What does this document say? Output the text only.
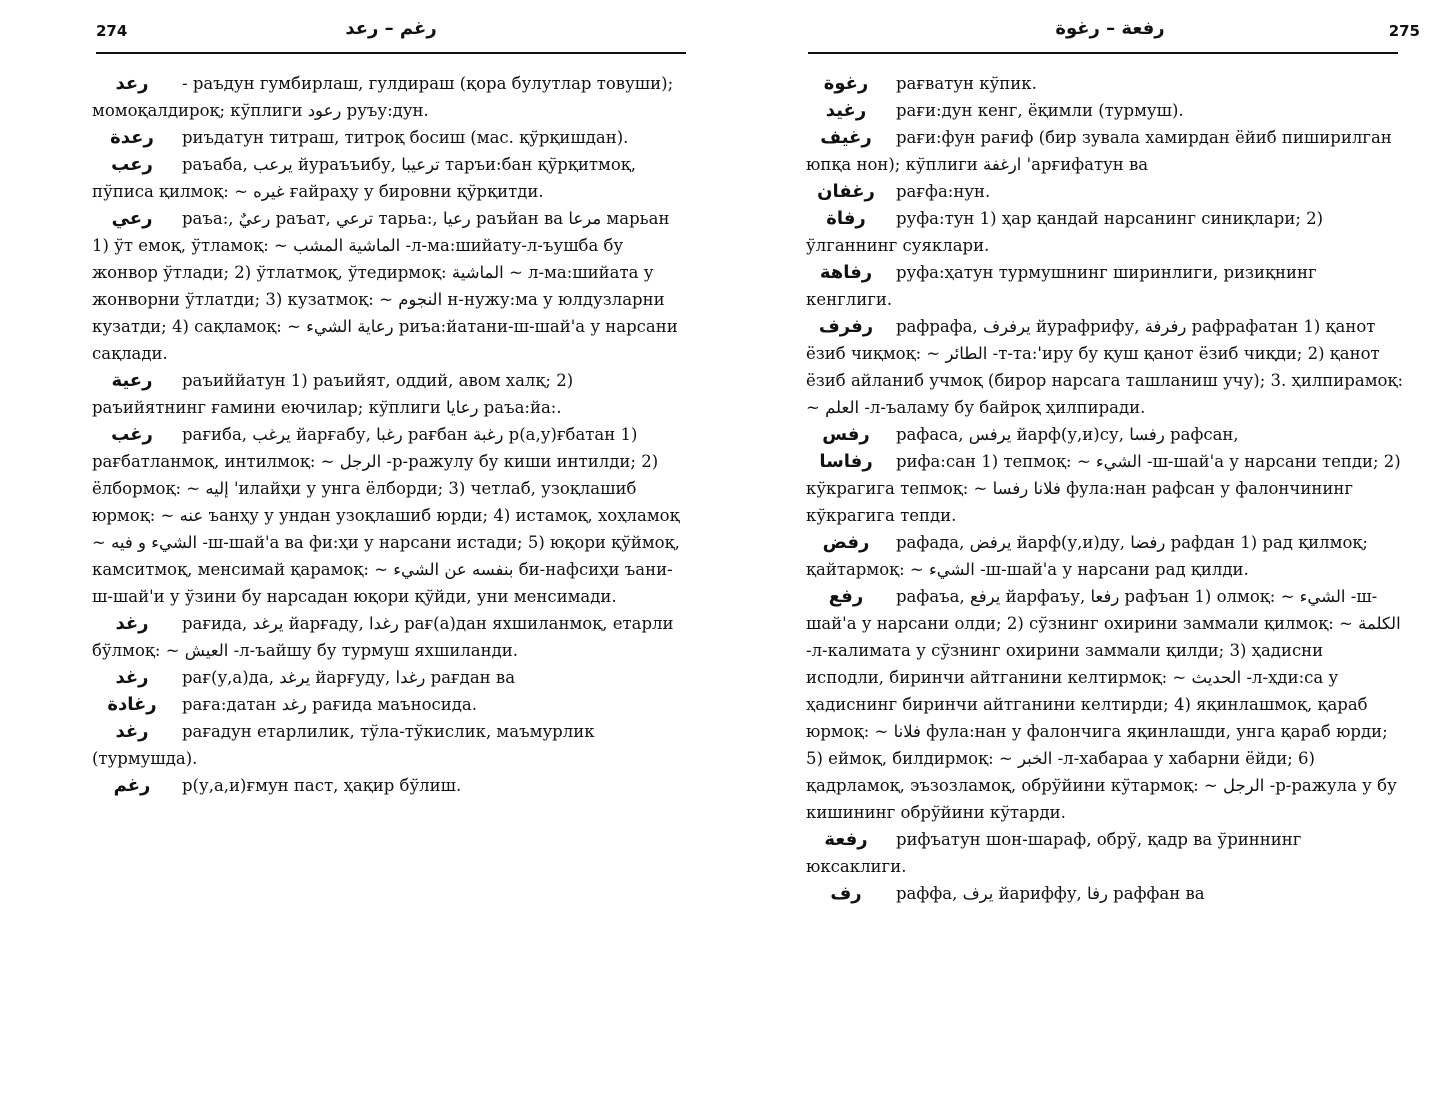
274	رغم – رعد
رعد - раъдун гумбирлаш, гулдираш (қора булутлар товуши); момоқалдироқ; кўплиги رعود руъу:дун.
رعدة риъдатун титраш, титроқ босиш (мас. қўрқишдан).
رعب раъаба, يرعب йураъъибу, ترعيبا таръи:бан қўрқитмоқ, пўписа қилмоқ: ~ غيره ғайраҳу у бировни қўрқитди.
رعي раъа:, رعيٌ раъат, ترعي тарьа:, رعيا раъйан ва مرعا марьан 1) ўт емоқ, ўтламоқ: ~ الماشية المشب -л-ма:шийату-л-ъушба бу жонвор ўтлади; 2) ўтлатмоқ, ўтедирмоқ: الماشية ~ л-ма:шийата у жонворни ўтлатди; 3) кузатмоқ: ~ النجوم н-нужу:ма у юлдузларни кузатди; 4) сақламоқ: ~ رعاية الشيء риъа:йатани-ш-шай'а у нарсани сақлади.
رعية раъиййатун 1) раъийят, оддий, авом халқ; 2) раъийятнинг ғамини еючилар; кўплиги رعايا раъа:йа:.
رغب рағиба, يرغب йарғабу, رغبا рағбан رغبة р(а,у)ғбатан 1) рағбатланмоқ, интилмоқ: ~ الرجل -р-ражулу бу киши интилди; 2) ёлбормоқ: ~ إليه 'илайҳи у унга ёлборди; 3) четлаб, узоқлашиб юрмоқ: ~ عنه ъанҳу у ундан узоқлашиб юрди; 4) истамоқ, хоҳламоқ ~ الشيء و فيه -ш-шай'а ва фи:ҳи у нарсани истади; 5) юқори қўймоқ, камситмоқ, менсимай қарамоқ: ~ بنفسه عن الشيء би-нафсиҳи ъани-ш-шай'и у ўзини бу нарсадан юқори қўйди, уни менсимади.
رغد рағида, يرغد йарғаду, رغدا рағ(а)дан яхшиланмоқ, етарли бўлмоқ: ~ العيش -л-ъайшу бу турмуш яхшиланди.
رغد рағ(у,а)да, يرغد йарғуду, رغدا рағдан ва
رغادة рағa:датан رغد рағида маъносида.
رغد рағадун етарлилик, тўла-тўкислик, маъмурлик (турмушда).
رغم р(у,а,и)ғмун паст, ҳақир бўлиш.
رفعة – رغوة	275
رغوة рағватун кўпик.
رغيد рағи:дун кенг, ёқимли (турмуш).
رغيف рағи:фун рағиф (бир зувала хамирдан ёйиб пиширилган юпқа нон); кўплиги ارغفة 'арғифатун ва
رغفان рағфа:нун.
رفاة руфа:тун 1) ҳар қандай нарсанинг синиқлари; 2) ўлганнинг суяклари.
رفاهة руфа:ҳатун турмушнинг ширинлиги, ризиқнинг кенглиги.
رفرف рафрафа, يرفرف йурафрифу, رفرفة рафрафатан 1) қанот ёзиб чиқмоқ: ~ الطائر -т-та:'иру бу қуш қанот ёзиб чиқди; 2) қанот ёзиб айланиб учмоқ (бирор нарсага ташланиш учу); 3. ҳилпирамоқ: ~ العلم -л-ъаламу бу байроқ ҳилпиради.
رفس рафаса, يرفس йарф(у,и)су, رفسا рафсан,
رفاسا рифа:сан 1) тепмоқ: ~ الشيء -ш-шай'а у нарсани тепди; 2) кўкрагига тепмоқ: ~ فلانا رفسا фула:нан рафсан у фалончининг кўкрагига тепди.
رفض рафада, يرفض йарф(у,и)ду, رفضا рафдан 1) рад қилмоқ; қайтармоқ: ~ الشيء -ш-шай'а у нарсани рад қилди.
رفع рафаъа, يرفع йарфаъу, رفعا рафъан 1) олмоқ: ~ الشيء -ш-шай'а у нарсани олди; 2) сўзнинг охирини заммали қилмоқ: ~ الكلمة -л-калимата у сўзнинг охирини заммали қилди; 3) ҳадисни исподли, биринчи айтганини келтирмоқ: ~ الحديث -л-ҳди:са у ҳадиснинг биринчи айтганини келтирди; 4) яқинлашмоқ, қараб юрмоқ: ~ فلانا фула:нан у фалончига яқинлашди, унга қараб юрди; 5) еймоқ, билдирмоқ: ~ الخبر -л-хабараа у хабарни ёйди; 6) қадрламоқ, эъзозламоқ, обрўйини кўтармоқ: ~ الرجل -р-ражула у бу кишининг обрўйини кўтарди.
رفعة рифъатун шон-шараф, обрў, қадр ва ўриннинг юксаклиги.
رف раффа, يرف йариффу, رفا раффан ва
